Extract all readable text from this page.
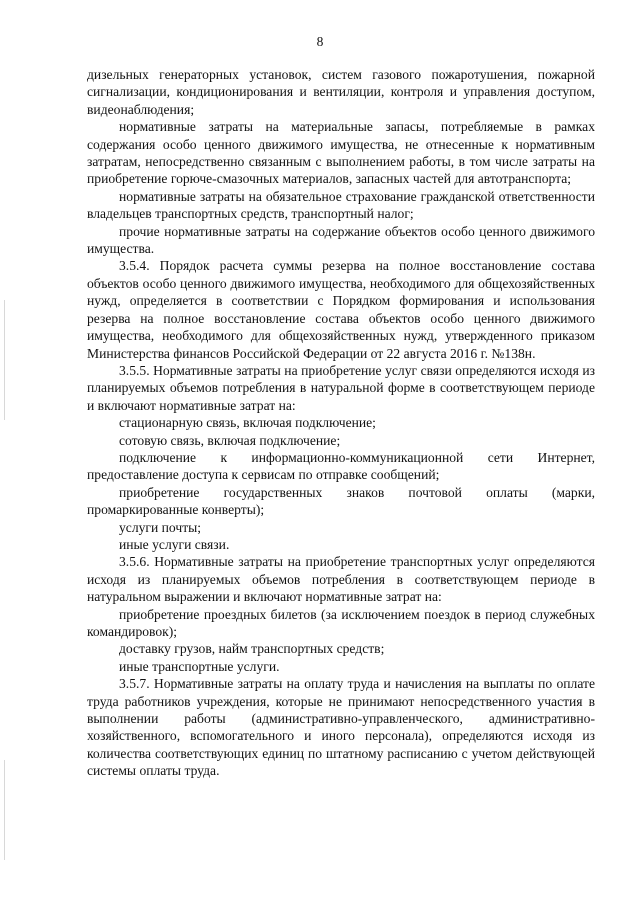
8

дизельных генераторных установок, систем газового пожаротушения, пожарной сигнализации, кондиционирования и вентиляции, контроля и управления доступом, видеонаблюдения;

нормативные затраты на материальные запасы, потребляемые в рамках содержания особо ценного движимого имущества, не отнесенные к нормативным затратам, непосредственно связанным с выполнением работы, в том числе затраты на приобретение горюче-смазочных материалов, запасных частей для автотранспорта;

нормативные затраты на обязательное страхование гражданской ответственности владельцев транспортных средств, транспортный налог;

прочие нормативные затраты на содержание объектов особо ценного движимого имущества.

3.5.4. Порядок расчета суммы резерва на полное восстановление состава объектов особо ценного движимого имущества, необходимого для общехозяйственных нужд, определяется в соответствии с Порядком формирования и использования резерва на полное восстановление состава объектов особо ценного движимого имущества, необходимого для общехозяйственных нужд, утвержденного приказом Министерства финансов Российской Федерации от 22 августа 2016 г. №138н.

3.5.5. Нормативные затраты на приобретение услуг связи определяются исходя из планируемых объемов потребления в натуральной форме в соответствующем периоде и включают нормативные затрат на:

стационарную связь, включая подключение;

сотовую связь, включая подключение;

подключение к информационно-коммуникационной сети Интернет, предоставление доступа к сервисам по отправке сообщений;

приобретение государственных знаков почтовой оплаты (марки, промаркированные конверты);

услуги почты;

иные услуги связи.

3.5.6. Нормативные затраты на приобретение транспортных услуг определяются исходя из планируемых объемов потребления в соответствующем периоде в натуральном выражении и включают нормативные затрат на:

приобретение проездных билетов (за исключением поездок в период служебных командировок);

доставку грузов, найм транспортных средств;

иные транспортные услуги.

3.5.7. Нормативные затраты на оплату труда и начисления на выплаты по оплате труда работников учреждения, которые не принимают непосредственного участия в выполнении работы (административно-управленческого, административно-хозяйственного, вспомогательного и иного персонала), определяются исходя из количества соответствующих единиц по штатному расписанию с учетом действующей системы оплаты труда.
